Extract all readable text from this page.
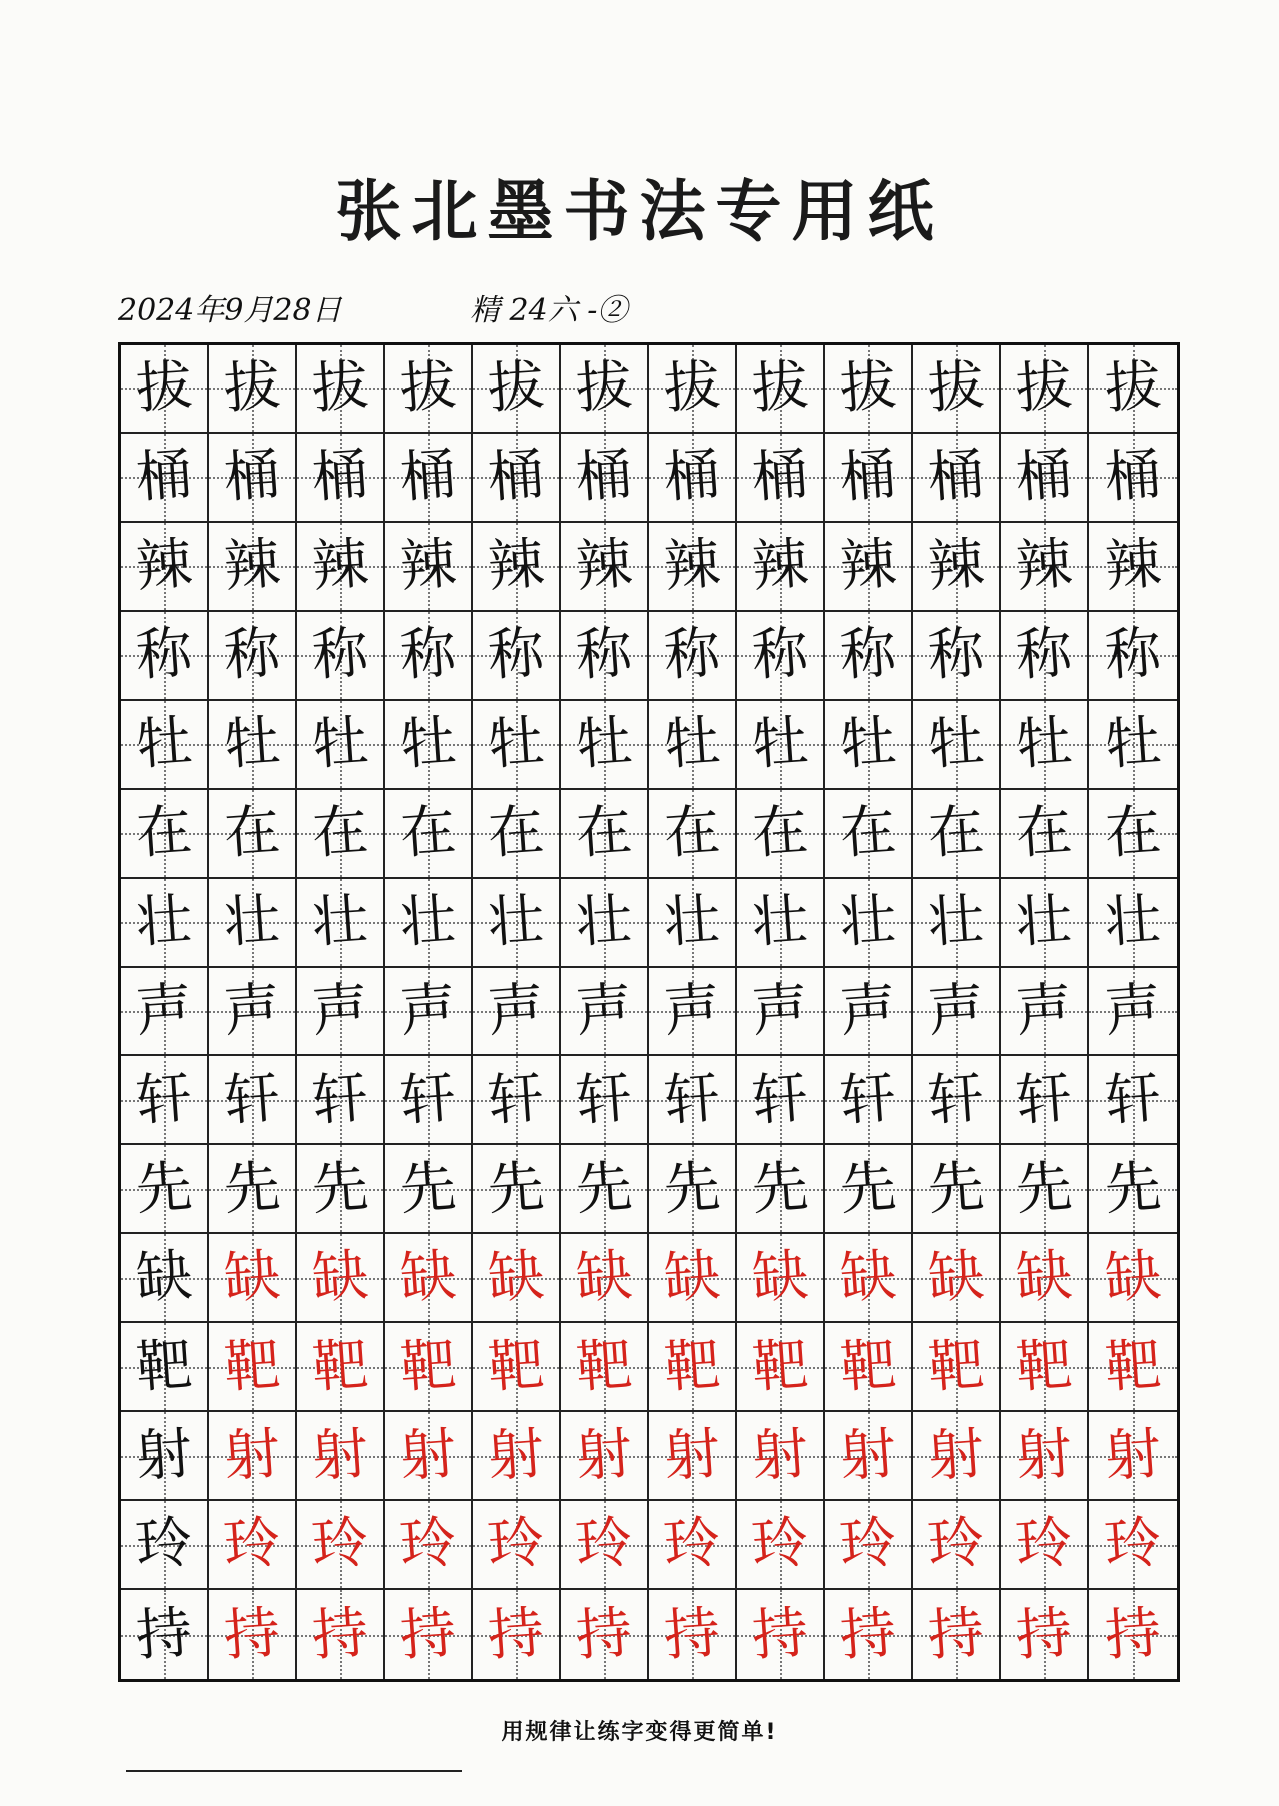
张北墨书法专用纸
2024年9月28日	精 24六 -②
拔 拔 拔 拔 拔 拔 拔 拔 拔 拔 拔 拔
桶 桶 桶 桶 桶 桶 桶 桶 桶 桶 桶 桶
辣 辣 辣 辣 辣 辣 辣 辣 辣 辣 辣 辣
称 称 称 称 称 称 称 称 称 称 称 称
牡 牡 牡 牡 牡 牡 牡 牡 牡 牡 牡 牡
在 在 在 在 在 在 在 在 在 在 在 在
壮 壮 壮 壮 壮 壮 壮 壮 壮 壮 壮 壮
声 声 声 声 声 声 声 声 声 声 声 声
轩 轩 轩 轩 轩 轩 轩 轩 轩 轩 轩 轩
先 先 先 先 先 先 先 先 先 先 先 先
缺 缺 缺 缺 缺 缺 缺 缺 缺 缺 缺 缺
靶 靶 靶 靶 靶 靶 靶 靶 靶 靶 靶 靶
射 射 射 射 射 射 射 射 射 射 射 射
玲 玲 玲 玲 玲 玲 玲 玲 玲 玲 玲 玲
持 持 持 持 持 持 持 持 持 持 持 持
用规律让练字变得更简单!
